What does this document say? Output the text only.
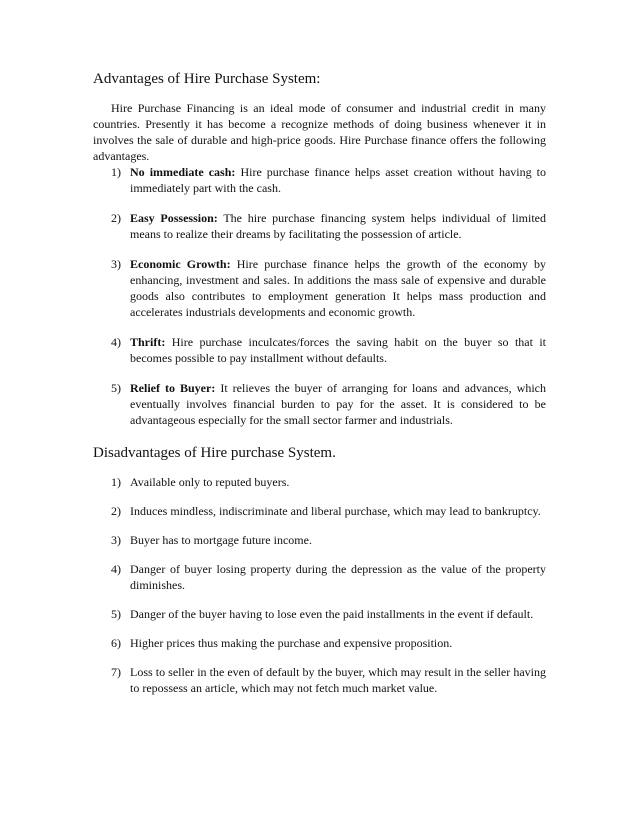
Advantages of Hire Purchase System:

Hire Purchase Financing is an ideal mode of consumer and industrial credit in many countries. Presently it has become a recognize methods of doing business whenever it in involves the sale of durable and high-price goods. Hire Purchase finance offers the following advantages.

1) No immediate cash: Hire purchase finance helps asset creation without having to immediately part with the cash.
2) Easy Possession: The hire purchase financing system helps individual of limited means to realize their dreams by facilitating the possession of article.
3) Economic Growth: Hire purchase finance helps the growth of the economy by enhancing, investment and sales. In additions the mass sale of expensive and durable goods also contributes to employment generation It helps mass production and accelerates industrials developments and economic growth.
4) Thrift: Hire purchase inculcates/forces the saving habit on the buyer so that it becomes possible to pay installment without defaults.
5) Relief to Buyer: It relieves the buyer of arranging for loans and advances, which eventually involves financial burden to pay for the asset. It is considered to be advantageous especially for the small sector farmer and industrials.
Disadvantages of Hire purchase System.
1) Available only to reputed buyers.
2) Induces mindless, indiscriminate and liberal purchase, which may lead to bankruptcy.
3) Buyer has to mortgage future income.
4) Danger of buyer losing property during the depression as the value of the property diminishes.
5) Danger of the buyer having to lose even the paid installments in the event if default.
6) Higher prices thus making the purchase and expensive proposition.
7) Loss to seller in the even of default by the buyer, which may result in the seller having to repossess an article, which may not fetch much market value.
